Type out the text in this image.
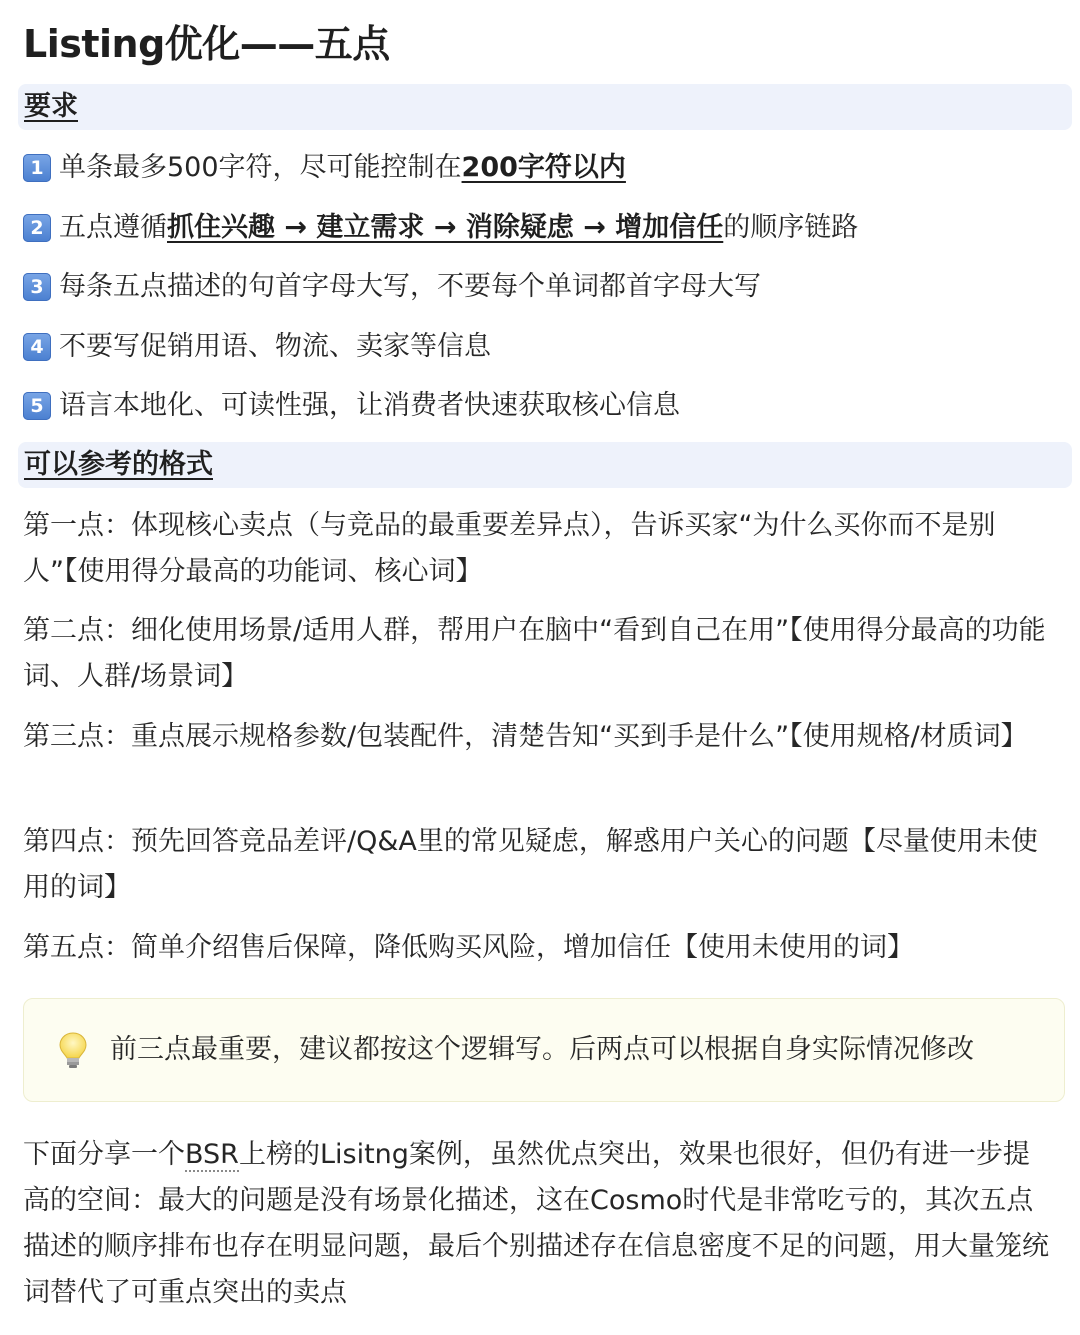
Listing优化——五点
要求
1 单条最多500字符，尽可能控制在 200字符以内
2 五点遵循 抓住兴趣 → 建立需求 → 消除疑虑 → 增加信任 的顺序链路
3 每条五点描述的句首字母大写，不要每个单词都首字母大写
4 不要写促销用语、物流、卖家等信息
5 语言本地化、可读性强，让消费者快速获取核心信息
可以参考的格式
第一点：体现核心卖点（与竞品的最重要差异点），告诉买家“为什么买你而不是别人”【使用得分最高的功能词、核心词】
第二点：细化使用场景/适用人群，帮用户在脑中“看到自己在用”【使用得分最高的功能词、人群/场景词】
第三点：重点展示规格参数/包装配件，清楚告知“买到手是什么”【使用规格/材质词】
第四点：预先回答竞品差评/Q&A里的常见疑虑，解惑用户关心的问题【尽量使用未使用的词】
第五点：简单介绍售后保障，降低购买风险，增加信任【使用未使用的词】
前三点最重要，建议都按这个逻辑写。后两点可以根据自身实际情况修改
下面分享一个BSR上榜的Lisitng案例，虽然优点突出，效果也很好，但仍有进一步提高的空间：最大的问题是没有场景化描述，这在Cosmo时代是非常吃亏的，其次五点描述的顺序排布也存在明显问题，最后个别描述存在信息密度不足的问题，用大量笼统词替代了可重点突出的卖点
